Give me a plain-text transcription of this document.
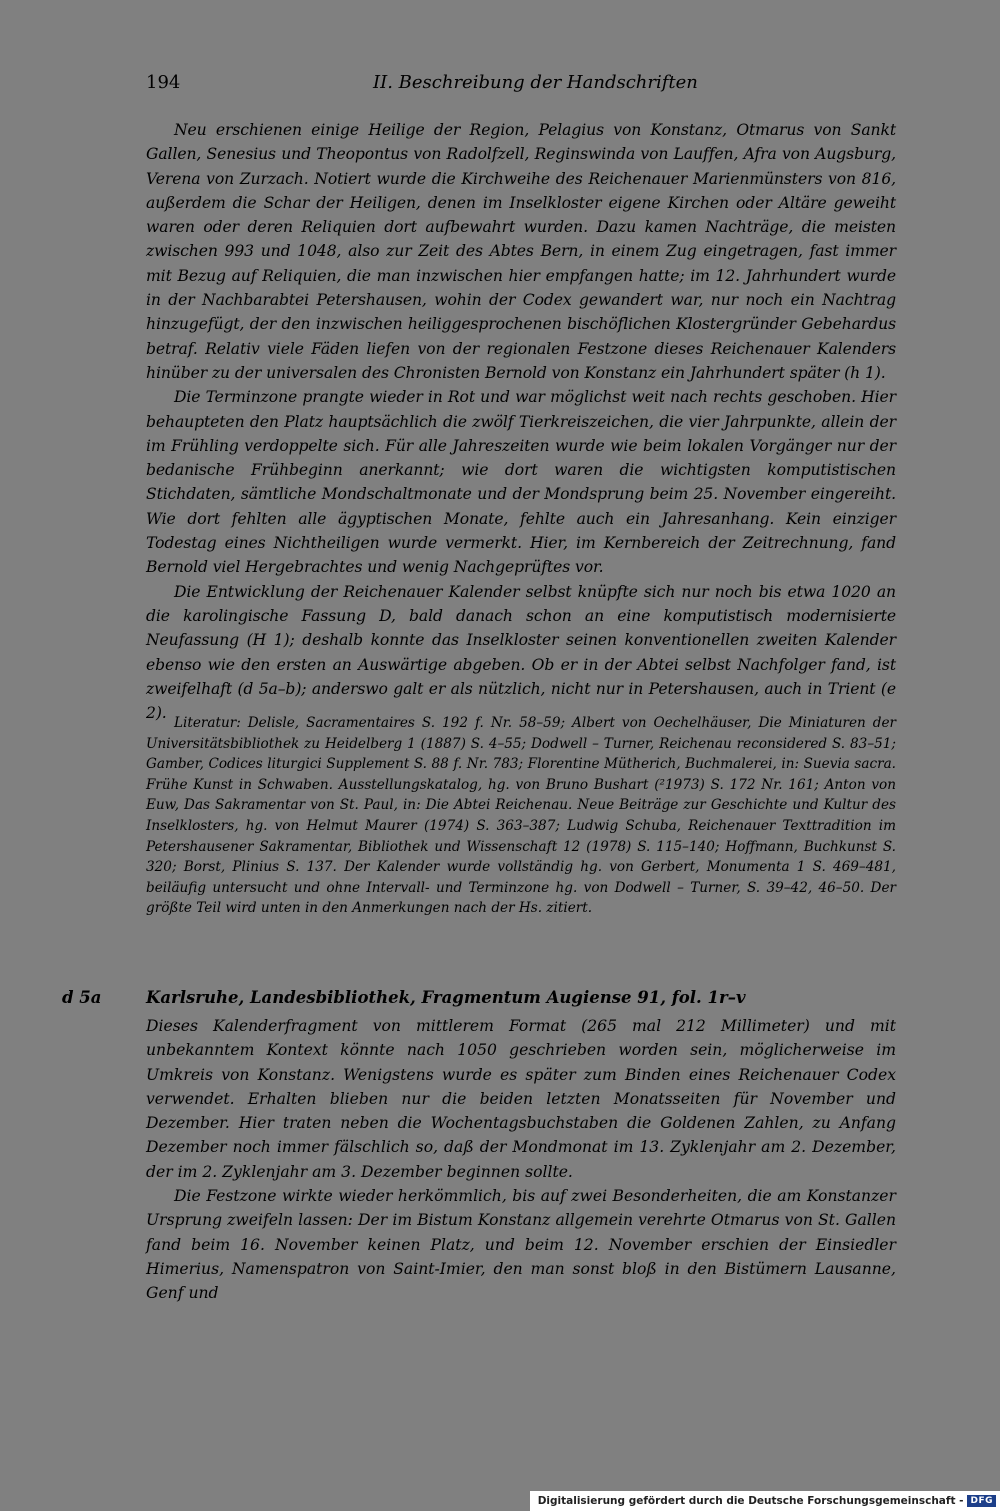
194	II. Beschreibung der Handschriften

Neu erschienen einige Heilige der Region, Pelagius von Konstanz, Otmarus von Sankt Gallen, Senesius und Theopontus von Radolfzell, Reginswinda von Lauffen, Afra von Augsburg, Verena von Zurzach. Notiert wurde die Kirchweihe des Reichenauer Marienmünsters von 816, außerdem die Schar der Heiligen, denen im Inselkloster eigene Kirchen oder Altäre geweiht waren oder deren Reliquien dort aufbewahrt wurden. Dazu kamen Nachträge, die meisten zwischen 993 und 1048, also zur Zeit des Abtes Bern, in einem Zug eingetragen, fast immer mit Bezug auf Reliquien, die man inzwischen hier empfangen hatte; im 12. Jahrhundert wurde in der Nachbarabtei Petershausen, wohin der Codex gewandert war, nur noch ein Nachtrag hinzugefügt, der den inzwischen heiliggesprochenen bischöflichen Klostergründer Gebehardus betraf. Relativ viele Fäden liefen von der regionalen Festzone dieses Reichenauer Kalenders hinüber zu der universalen des Chronisten Bernold von Konstanz ein Jahrhundert später (h 1).

Die Terminzone prangte wieder in Rot und war möglichst weit nach rechts geschoben. Hier behaupteten den Platz hauptsächlich die zwölf Tierkreiszeichen, die vier Jahrpunkte, allein der im Frühling verdoppelte sich. Für alle Jahreszeiten wurde wie beim lokalen Vorgänger nur der bedanische Frühbeginn anerkannt; wie dort waren die wichtigsten komputistischen Stichdaten, sämtliche Mondschaltmonate und der Mondsprung beim 25. November eingereiht. Wie dort fehlten alle ägyptischen Monate, fehlte auch ein Jahresanhang. Kein einziger Todestag eines Nichtheiligen wurde vermerkt. Hier, im Kernbereich der Zeitrechnung, fand Bernold viel Hergebrachtes und wenig Nachgeprüftes vor.

Die Entwicklung der Reichenauer Kalender selbst knüpfte sich nur noch bis etwa 1020 an die karolingische Fassung D, bald danach schon an eine komputistisch modernisierte Neufassung (H 1); deshalb konnte das Inselkloster seinen konventionellen zweiten Kalender ebenso wie den ersten an Auswärtige abgeben. Ob er in der Abtei selbst Nachfolger fand, ist zweifelhaft (d 5a–b); anderswo galt er als nützlich, nicht nur in Petershausen, auch in Trient (e 2).

Literatur: Delisle, Sacramentaires S. 192 f. Nr. 58–59; Albert von Oechelhäuser, Die Miniaturen der Universitätsbibliothek zu Heidelberg 1 (1887) S. 4–55; Dodwell – Turner, Reichenau reconsidered S. 83–51; Gamber, Codices liturgici Supplement S. 88 f. Nr. 783; Florentine Mütherich, Buchmalerei, in: Suevia sacra. Frühe Kunst in Schwaben. Ausstellungskatalog, hg. von Bruno Bushart (²1973) S. 172 Nr. 161; Anton von Euw, Das Sakramentar von St. Paul, in: Die Abtei Reichenau. Neue Beiträge zur Geschichte und Kultur des Inselklosters, hg. von Helmut Maurer (1974) S. 363–387; Ludwig Schuba, Reichenauer Texttradition im Petershausener Sakramentar, Bibliothek und Wissenschaft 12 (1978) S. 115–140; Hoffmann, Buchkunst S. 320; Borst, Plinius S. 137. Der Kalender wurde vollständig hg. von Gerbert, Monumenta 1 S. 469–481, beiläufig untersucht und ohne Intervall- und Terminzone hg. von Dodwell – Turner, S. 39–42, 46–50. Der größte Teil wird unten in den Anmerkungen nach der Hs. zitiert.

d 5a	Karlsruhe, Landesbibliothek, Fragmentum Augiense 91, fol. 1r–v

Dieses Kalenderfragment von mittlerem Format (265 mal 212 Millimeter) und mit unbekanntem Kontext könnte nach 1050 geschrieben worden sein, möglicherweise im Umkreis von Konstanz. Wenigstens wurde es später zum Binden eines Reichenauer Codex verwendet. Erhalten blieben nur die beiden letzten Monatsseiten für November und Dezember. Hier traten neben die Wochentagsbuchstaben die Goldenen Zahlen, zu Anfang Dezember noch immer fälschlich so, daß der Mondmonat im 13. Zyklenjahr am 2. Dezember, der im 2. Zyklenjahr am 3. Dezember beginnen sollte.

Die Festzone wirkte wieder herkömmlich, bis auf zwei Besonderheiten, die am Konstanzer Ursprung zweifeln lassen: Der im Bistum Konstanz allgemein verehrte Otmarus von St. Gallen fand beim 16. November keinen Platz, und beim 12. November erschien der Einsiedler Himerius, Namenspatron von Saint-Imier, den man sonst bloß in den Bistümern Lausanne, Genf und

Digitalisierung gefördert durch die Deutsche Forschungsgemeinschaft - DFG
